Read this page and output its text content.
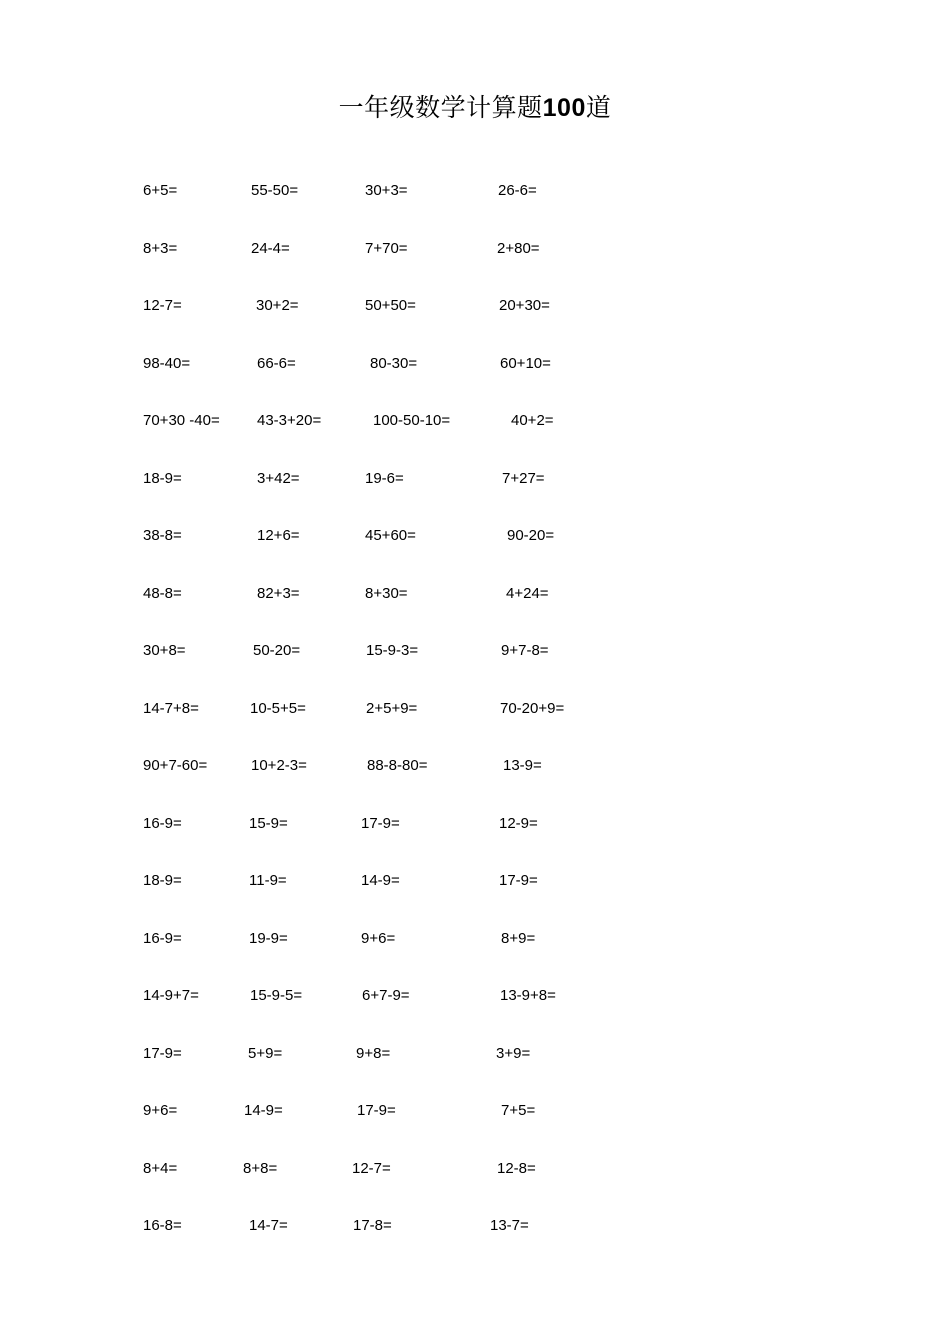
一年级数学计算题100道
6+5=	55-50=	30+3=	26-6=
8+3=	24-4=	7+70=	2+80=
12-7=	30+2=	50+50=	20+30=
98-40=	66-6=	80-30=	60+10=
70+30 -40= 43-3+20=	100-50-10=	40+2=
18-9=	3+42=	19-6=	7+27=
38-8=	12+6=	45+60=	90-20=
48-8=	82+3=	8+30=	4+24=
30+8=	50-20=	15-9-3=	9+7-8=
14-7+8=	10-5+5=	2+5+9=	70-20+9=
90+7-60=	10+2-3=	88-8-80=	13-9=
16-9=	15-9=	17-9=	12-9=
18-9=	11-9=	14-9=	17-9=
16-9=	19-9=	9+6=	8+9=
14-9+7=	15-9-5=	6+7-9=	13-9+8=
17-9=	5+9=	9+8=	3+9=
9+6=	14-9=	17-9=	7+5=
8+4=	8+8=	12-7=	12-8=
16-8=	14-7=	17-8=	13-7=
